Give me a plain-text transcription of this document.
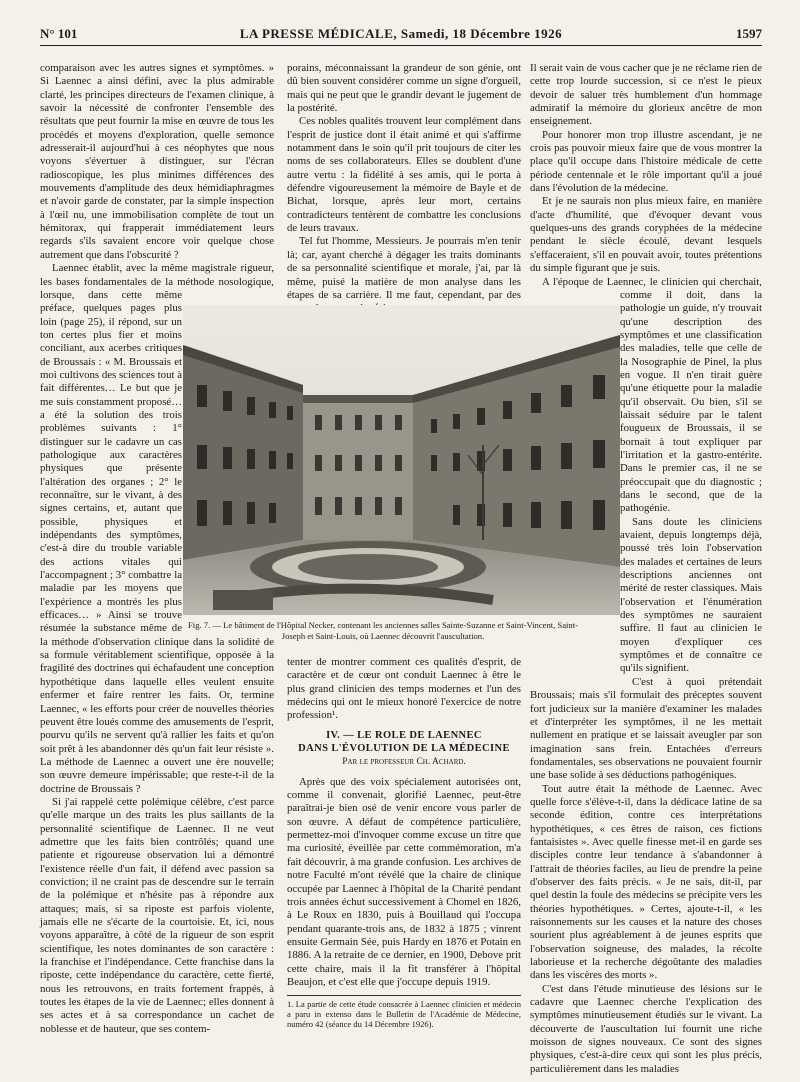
N° 101	LA PRESSE MÉDICALE, Samedi, 18 Décembre 1926	1597

comparaison avec les autres signes et symptômes. » Si Laennec a ainsi défini, avec la plus admirable clarté, les principes directeurs de l'examen clinique, à savoir la nécessité de confronter l'ensemble des résultats que peut fournir la mise en œuvre de tous les procédés et moyens d'exploration, quelle semonce adresserait-il aujourd'hui à ces néophytes que nous voyons s'évertuer à distinguer, sur l'écran radioscopique, les plus minimes différences des mouvements d'amplitude des deux hémidiaphragmes et n'avoir garde de constater, par la simple inspection à l'œil nu, une immobilisation complète de tout un hémitorax, qui frapperait immédiatement leurs regards s'ils savaient encore voir quelque chose autrement que dans l'obscurité ?

Laennec établit, avec la même magistrale rigueur, les bases fondamentales de la méthode nosologique, lorsque, dans cette même préface, quelques pages plus loin (page 25), il répond, sur un ton certes plus fier et moins conciliant, aux acerbes critiques de Broussais : « M. Broussais et moi cultivons des sciences tout à fait différentes… Le but que je me suis constamment proposé… a été la solution des trois problèmes suivants : 1° distinguer sur le cadavre un cas pathologique aux caractères physiques que présente l'altération des organes ; 2° le reconnaître, sur le vivant, à des signes certains, et, autant que possible, physiques et indépendants des symptômes, c'est-à dire du trouble variable des actions vitales qui l'accompagnent ; 3° combattre la maladie par les moyens que l'expérience a montrés les plus efficaces… » Ainsi se trouve résumée la substance même de la méthode d'observation clinique dans la solidité de sa formule véritablement scientifique, opposée à la fragilité des doctrines qui échafaudent une conception hypothétique dans laquelle elles veulent ensuite enfermer et faire rentrer les faits. Or, termine Laennec, « les efforts pour créer de nouvelles théories peuvent être loués comme des amusements de l'esprit, pourvu qu'ils ne servent qu'à rallier les faits et qu'on soit prêt à les abandonner dès qu'un fait leur résiste ». La méthode de Laennec a ouvert une ère nouvelle; son œuvre demeure impérissable; que reste-t-il de la doctrine de Broussais ?

Si j'ai rappelé cette polémique célèbre, c'est parce qu'elle marque un des traits les plus saillants de la personnalité scientifique de Laennec. Il ne veut admettre que les faits bien contrôlés; quand une patiente et rigoureuse observation lui a démontré l'existence réelle d'un fait, il défend avec passion sa conviction; il ne craint pas de descendre sur le terrain de la polémique et n'hésite pas à répondre aux attaques; mais, si sa riposte est parfois violente, jamais elle ne s'écarte de la courtoisie. Et, ici, nous voyons apparaître, à côté de la rigueur de son esprit scientifique, les notes dominantes de son caractère : la franchise et l'indépendance. Cette franchise dans la riposte, cette indépendance du caractère, cette fierté, nous les retrouvons, en traits fortement frappés, à toutes les étapes de la vie de Laennec; elles donnent à ses actes et à sa correspondance un cachet de noblesse et de hauteur, que ses contem-

porains, méconnaissant la grandeur de son génie, ont dû bien souvent considérer comme un signe d'orgueil, mais qui ne peut que le grandir devant le jugement de la postérité.

Ces nobles qualités trouvent leur complément dans l'esprit de justice dont il était animé et qui s'affirme notamment dans le soin qu'il prit toujours de citer les noms de ses collaborateurs. Elles se doublent d'une autre vertu : la fidélité à ses amis, qui le porta à défendre vigoureusement la mémoire de Bayle et de Bichat, lorsque, après leur mort, certains contradicteurs tentèrent de combattre les conclusions de leurs travaux.

Tel fut l'homme, Messieurs. Je pourrais m'en tenir là; car, ayant cherché à dégager les traits dominants de sa personnalité scientifique et morale, j'ai, par là même, puisé la matière de mon analyse dans les étapes de sa carrière. Il me faut, cependant, par des

Il serait vain de vous cacher que je ne réclame rien de cette trop lourde succession, si ce n'est le pieux devoir de saluer très humblement d'un hommage admiratif la mémoire du glorieux ancêtre de mon enseignement.

Pour honorer mon trop illustre ascendant, je ne crois pas pouvoir mieux faire que de vous montrer la place qu'il occupe dans l'histoire médicale de cette période centennale et le rôle important qu'il a joué dans l'évolution de la médecine.

Et je ne saurais non plus mieux faire, en manière d'acte d'humilité, que d'évoquer devant vous quelques-uns des grands coryphées de la médecine pendant le siècle écoulé, devant lesquels s'effaceraient, s'il en pouvait avoir, toutes prétentions du simple figurant que je suis.

A l'époque de Laennec, le clinicien qui cherchait, comme il doit, dans la pathologie un guide, n'y trouvait qu'une description des symptômes et une classification des maladies, telle que celle de la Nosographie de Pinel, la plus en vogue. Il n'en tirait guère qu'une étiquette pour la maladie qu'il observait. Ou bien, s'il se laissait séduire par le talent fougueux de Broussais, il se bornait à tout expliquer par l'irritation et la gastro-entérite. Dans le premier cas, il ne se préoccupait que du diagnostic ; dans le second, que de la pathogénie.

Sans doute les cliniciens avaient, depuis longtemps déjà, poussé très loin l'observation des malades et certaines de leurs descriptions anciennes ont mérité de rester classiques. Mais l'observation et l'énumération des symptômes ne sauraient suffire. Il faut au clinicien le moyen d'expliquer ces symptômes et de connaître ce qu'ils signifient.

C'est à quoi prétendait Broussais; mais s'il formulait des préceptes souvent fort judicieux sur la manière d'examiner les malades et d'interpréter les symptômes, il ne les mettait nullement en pratique et se laissait aveugler par son imagination sans frein. Entachées d'erreurs fondamentales, ses observations ne pouvaient fournir une base solide à ses déductions pathogéniques.

Tout autre était la méthode de Laennec. Avec quelle force s'élève-t-il, dans la dédicace latine de sa seconde édition, contre ces interprétations hypothétiques, « ces êtres de raison, ces fictions fantaisistes ». Avec quelle finesse met-il en garde ses disciples contre leur tendance à s'abandonner à l'attrait de théories faciles, au lieu de prendre la peine d'observer des faits précis. « Je ne sais, dit-il, par quel destin la foule des médecins se précipite vers les théories hypothétiques. » Certes, ajoute-t-il, « les raisonnements sur les causes et la nature des choses sourient plus agréablement à de jeunes esprits que l'observation soigneuse, des malades, la récolte laborieuse et la recherche dégoûtante des maladies dans les viscères des morts ».

C'est dans l'étude minutieuse des lésions sur le cadavre que Laennec cherche l'explication des symptômes minutieusement étudiés sur le vivant. La découverte de l'auscultation lui fournit une riche moisson de signes nouveaux. Ce sont des signes physiques, c'est-à-dire ceux qui sont les plus précis, particulièrement dans les maladies

Fig. 7. — Le bâtiment de l'Hôpital Necker, contenant les anciennes salles Sainte-Suzanne et Saint-Vincent, Saint-Joseph et Saint-Louis, où Laennec découvrit l'auscultation.

tenter de montrer comment ces qualités d'esprit, de caractère et de cœur ont conduit Laennec à être le plus grand clinicien des temps modernes et l'un des médecins qui ont le mieux honoré l'exercice de notre profession¹.

IV. — LE ROLE DE LAENNEC
DANS L'ÉVOLUTION DE LA MÉDECINE
Par le professeur Ch. Achard.

Après que des voix spécialement autorisées ont, comme il convenait, glorifié Laennec, peut-être paraîtrai-je bien osé de venir encore vous parler de son œuvre. A défaut de compétence particulière, permettez-moi d'invoquer comme excuse un titre que ma curiosité, éveillée par cette commémoration, m'a fait découvrir, à ma grande confusion. Les archives de notre Faculté m'ont révélé que la chaire de clinique occupée par Laennec à l'hôpital de la Charité pendant trois années échut successivement à Chomel en 1826, à Le Roux en 1830, puis à Bouillaud qui l'occupa pendant quarante-trois ans, de 1832 à 1875 ; vinrent ensuite Germain Sée, puis Hardy en 1876 et Potain en 1886. A la retraite de ce dernier, en 1900, Debove prit cette chaire, mais il la fit transférer à l'hôpital Beaujon, et c'est elle que j'occupe depuis 1919.

1. La partie de cette étude consacrée à Laennec clinicien et médecin a paru in extenso dans le Bulletin de l'Académie de Médecine, numéro 42 (séance du 14 Décembre 1926).
